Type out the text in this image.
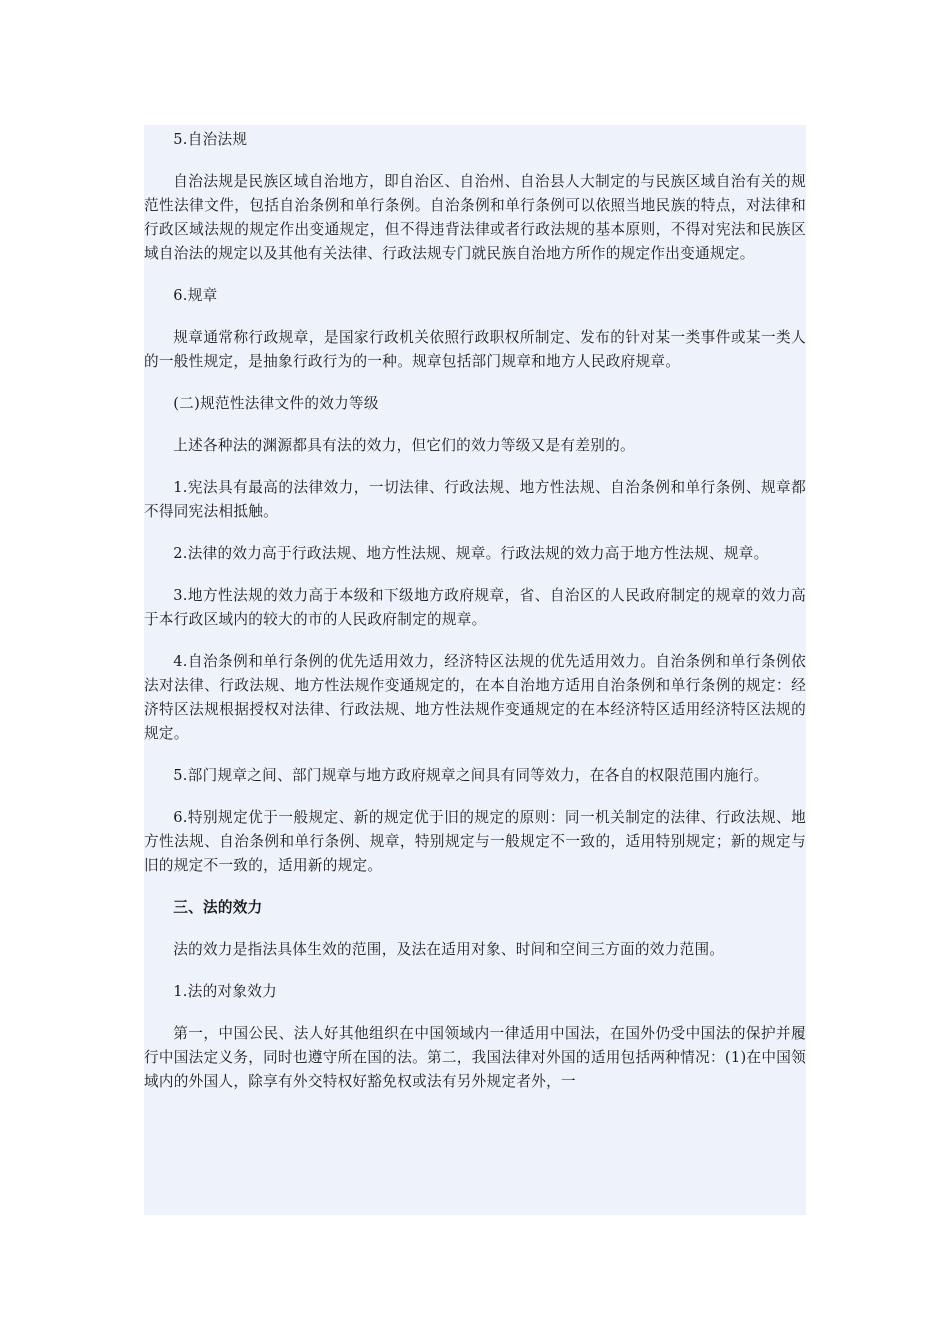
5.自治法规

自治法规是民族区域自治地方，即自治区、自治州、自治县人大制定的与民族区域自治有关的规范性法律文件，包括自治条例和单行条例。自治条例和单行条例可以依照当地民族的特点，对法律和行政区域法规的规定作出变通规定，但不得违背法律或者行政法规的基本原则，不得对宪法和民族区域自治法的规定以及其他有关法律、行政法规专门就民族自治地方所作的规定作出变通规定。

6.规章

规章通常称行政规章，是国家行政机关依照行政职权所制定、发布的针对某一类事件或某一类人的一般性规定，是抽象行政行为的一种。规章包括部门规章和地方人民政府规章。

(二)规范性法律文件的效力等级

上述各种法的渊源都具有法的效力，但它们的效力等级又是有差别的。

1.宪法具有最高的法律效力，一切法律、行政法规、地方性法规、自治条例和单行条例、规章都不得同宪法相抵触。

2.法律的效力高于行政法规、地方性法规、规章。行政法规的效力高于地方性法规、规章。

3.地方性法规的效力高于本级和下级地方政府规章，省、自治区的人民政府制定的规章的效力高于本行政区域内的较大的市的人民政府制定的规章。

4.自治条例和单行条例的优先适用效力，经济特区法规的优先适用效力。自治条例和单行条例依法对法律、行政法规、地方性法规作变通规定的，在本自治地方适用自治条例和单行条例的规定：经济特区法规根据授权对法律、行政法规、地方性法规作变通规定的在本经济特区适用经济特区法规的规定。

5.部门规章之间、部门规章与地方政府规章之间具有同等效力，在各自的权限范围内施行。

6.特别规定优于一般规定、新的规定优于旧的规定的原则：同一机关制定的法律、行政法规、地方性法规、自治条例和单行条例、规章，特别规定与一般规定不一致的，适用特别规定；新的规定与旧的规定不一致的，适用新的规定。

三、法的效力

法的效力是指法具体生效的范围，及法在适用对象、时间和空间三方面的效力范围。

1.法的对象效力

第一，中国公民、法人好其他组织在中国领域内一律适用中国法，在国外仍受中国法的保护并履行中国法定义务，同时也遵守所在国的法。第二，我国法律对外国的适用包括两种情况：(1)在中国领域内的外国人，除享有外交特权好豁免权或法有另外规定者外，一
